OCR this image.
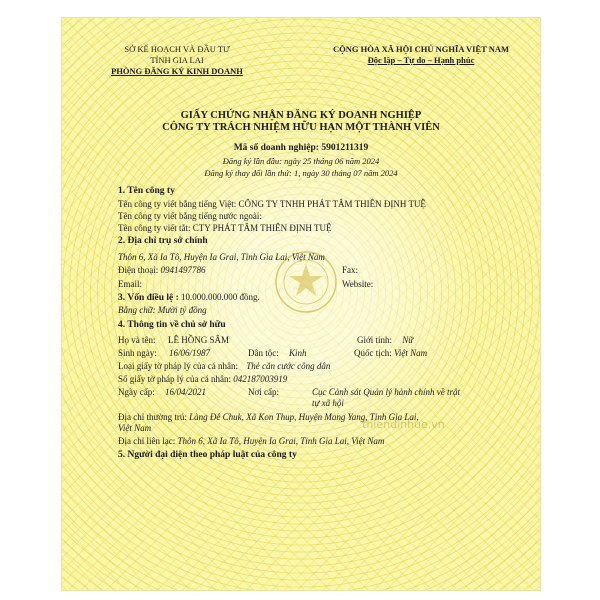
SỞ KẾ HOẠCH VÀ ĐẦU TƯ
TỈNH GIA LAI
PHÒNG ĐĂNG KÝ KINH DOANH
CỘNG HÒA XÃ HỘI CHỦ NGHĨA VIỆT NAM
Độc lập – Tự do – Hạnh phúc
GIẤY CHỨNG NHẬN ĐĂNG KÝ DOANH NGHIỆP
CÔNG TY TRÁCH NHIỆM HỮU HẠN MỘT THÀNH VIÊN
Mã số doanh nghiệp: 5901211319
Đăng ký lần đầu: ngày 25 tháng 06 năm 2024
Đăng ký thay đổi lần thứ: 1, ngày 30 tháng 07 năm 2024
1. Tên công ty
Tên công ty viết bằng tiếng Việt: CÔNG TY TNHH PHÁT TÂM THIÊN ĐỊNH TUỆ
Tên công ty viết bằng tiếng nước ngoài:
Tên công ty viết tắt: CTY PHÁT TÂM THIÊN ĐỊNH TUỆ
2. Địa chỉ trụ sở chính
Thôn 6, Xã Ia Tô, Huyện Ia Grai, Tỉnh Gia Lai, Việt Nam
Điện thoại: 0941497786	Fax:
Email:	Website:
3. Vốn điều lệ : 10.000.000.000 đồng.
Bằng chữ: Mười tỷ đồng
4. Thông tin về chủ sở hữu
Họ và tên: LÊ HỒNG SÂM	Giới tính: Nữ
Sinh ngày: 16/06/1987	Dân tộc: Kinh	Quốc tịch: Việt Nam
Loại giấy tờ pháp lý của cá nhân: Thẻ căn cước công dân
Số giấy tờ pháp lý của cá nhân: 042187003919
Ngày cấp: 16/04/2021	Nơi cấp:	Cục Cảnh sát Quản lý hành chính về trật
tự xã hội
Địa chỉ thường trú: Làng Đê Chuk, Xã Kon Thup, Huyện Mang Yang, Tỉnh Gia Lai,
Việt Nam
Địa chỉ liên lạc: Thôn 6, Xã Ia Tô, Huyện Ia Grai, Tỉnh Gia Lai, Việt Nam
5. Người đại diện theo pháp luật của công ty
thiendinhue.vn
